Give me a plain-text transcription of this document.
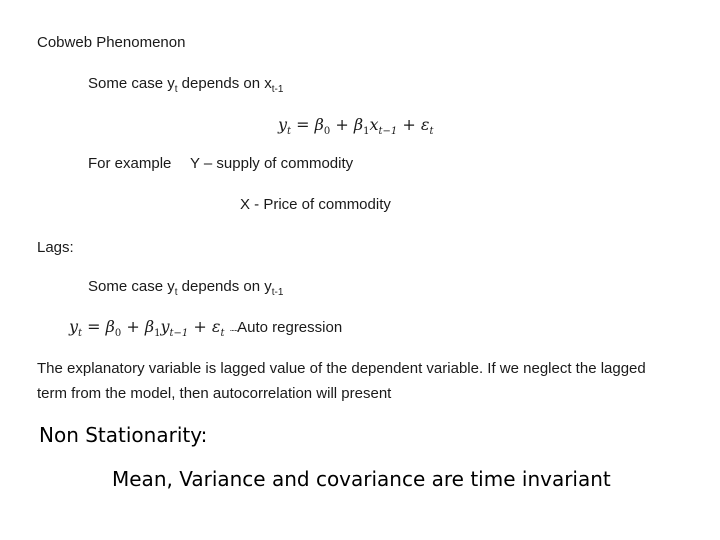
Cobweb Phenomenon
Some case $y_t$ depends on $x_{t-1}$
$y_t = \beta_0 + \beta_1x_{t-1} + \varepsilon_t$
For example Y – supply of commodity
X - Price of commodity
Lags:
Some case $y_t$ depends on $y_{t-1}$
$y_t = \beta_0 + \beta_1y_{t-1} + \varepsilon_t$ .....Auto regression
The explanatory variable is lagged value of the dependent variable. If we neglect the lagged
term from the model, then autocorrelation will present
Non Stationarity:
Mean, Variance and covariance are time invariant
